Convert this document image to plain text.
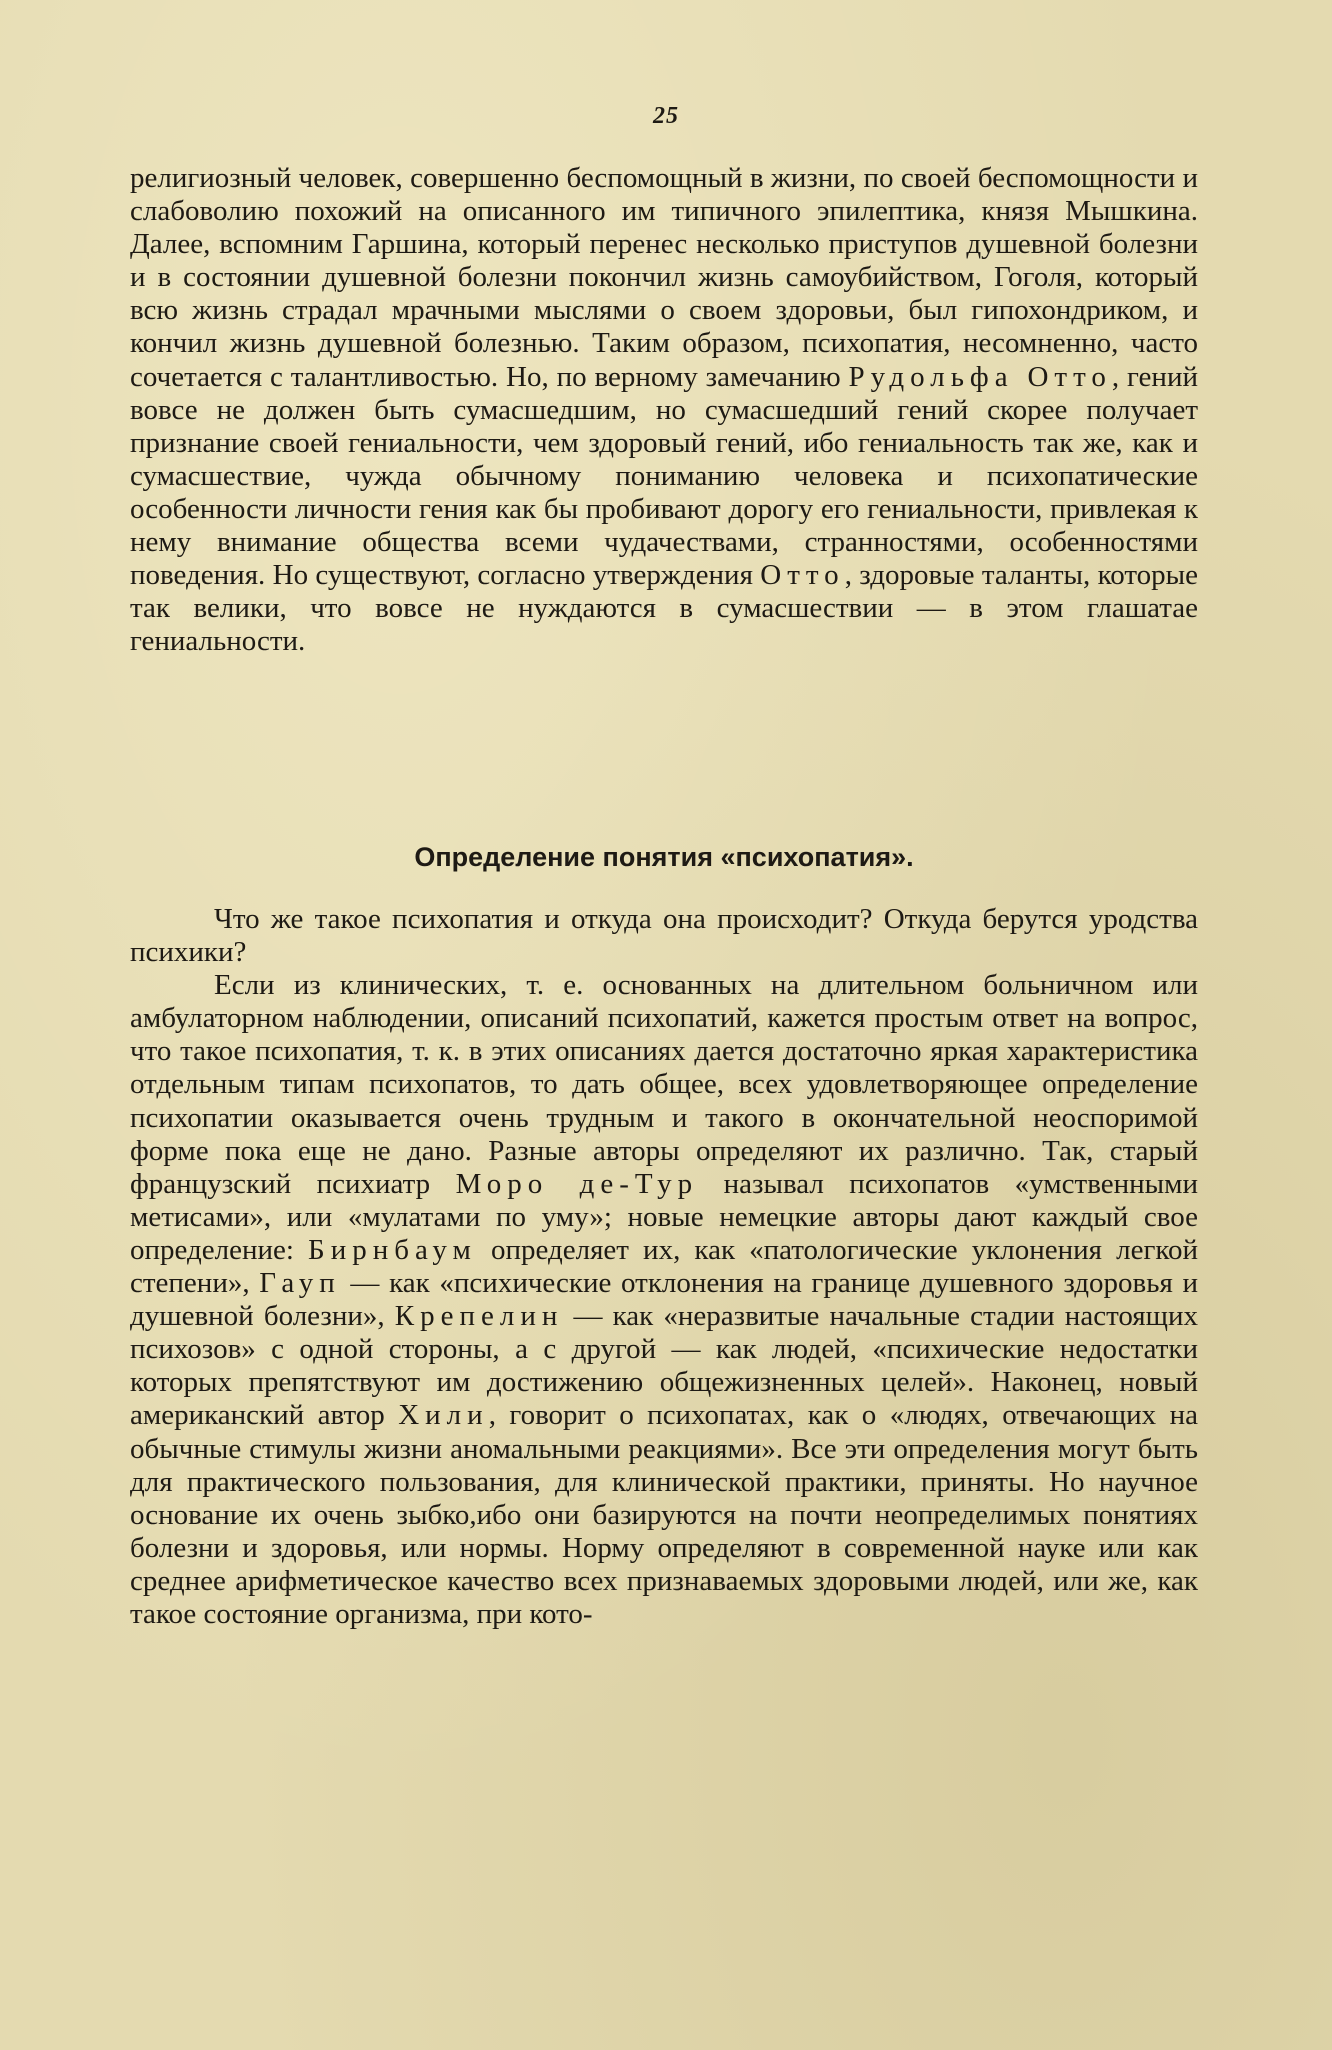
25

религиозный человек, совершенно беспомощный в жизни, по своей беспомощности и слабоволию похожий на описанного им типичного эпилептика, князя Мышкина. Далее, вспомним Гаршина, который перенес несколько приступов душевной болезни и в состоянии душевной болезни покончил жизнь самоубийством, Гоголя, который всю жизнь страдал мрачными мыслями о своем здоровьи, был гипохондриком, и кончил жизнь душевной болезнью. Таким образом, психопатия, несомненно, часто сочетается с талантливостью. Но, по верному замечанию Рудольфа Отто, гений вовсе не должен быть сумасшедшим, но сумасшедший гений скорее получает признание своей гениальности, чем здоровый гений, ибо гениальность так же, как и сумасшествие, чужда обычному пониманию человека и психопатические особенности личности гения как бы пробивают дорогу его гениальности, привлекая к нему внимание общества всеми чудачествами, странностями, особенностями поведения. Но существуют, согласно утверждения Отто, здоровые таланты, которые так велики, что вовсе не нуждаются в сумасшествии — в этом глашатае гениальности.

Определение понятия «психопатия».

Что же такое психопатия и откуда она происходит? Откуда берутся уродства психики?

Если из клинических, т. е. основанных на длительном больничном или амбулаторном наблюдении, описаний психопатий, кажется простым ответ на вопрос, что такое психопатия, т. к. в этих описаниях дается достаточно яркая характеристика отдельным типам психопатов, то дать общее, всех удовлетворяющее определение психопатии оказывается очень трудным и такого в окончательной неоспоримой форме пока еще не дано. Разные авторы определяют их различно. Так, старый французский психиатр Моро де-Тур называл психопатов «умственными метисами», или «мулатами по уму»; новые немецкие авторы дают каждый свое определение: Бирнбаум определяет их, как «патологические уклонения легкой степени», Гауп — как «психические отклонения на границе душевного здоровья и душевной болезни», Крепелин — как «неразвитые начальные стадии настоящих психозов» с одной стороны, а с другой — как людей, «психические недостатки которых препятствуют им достижению общежизненных целей». Наконец, новый американский автор Хили, говорит о психопатах, как о «людях, отвечающих на обычные стимулы жизни аномальными реакциями». Все эти определения могут быть для практического пользования, для клинической практики, приняты. Но научное основание их очень зыбко,ибо они базируются на почти неопределимых понятиях болезни и здоровья, или нормы. Норму определяют в современной науке или как среднее арифметическое качество всех признаваемых здоровыми людей, или же, как такое состояние организма, при кото-
